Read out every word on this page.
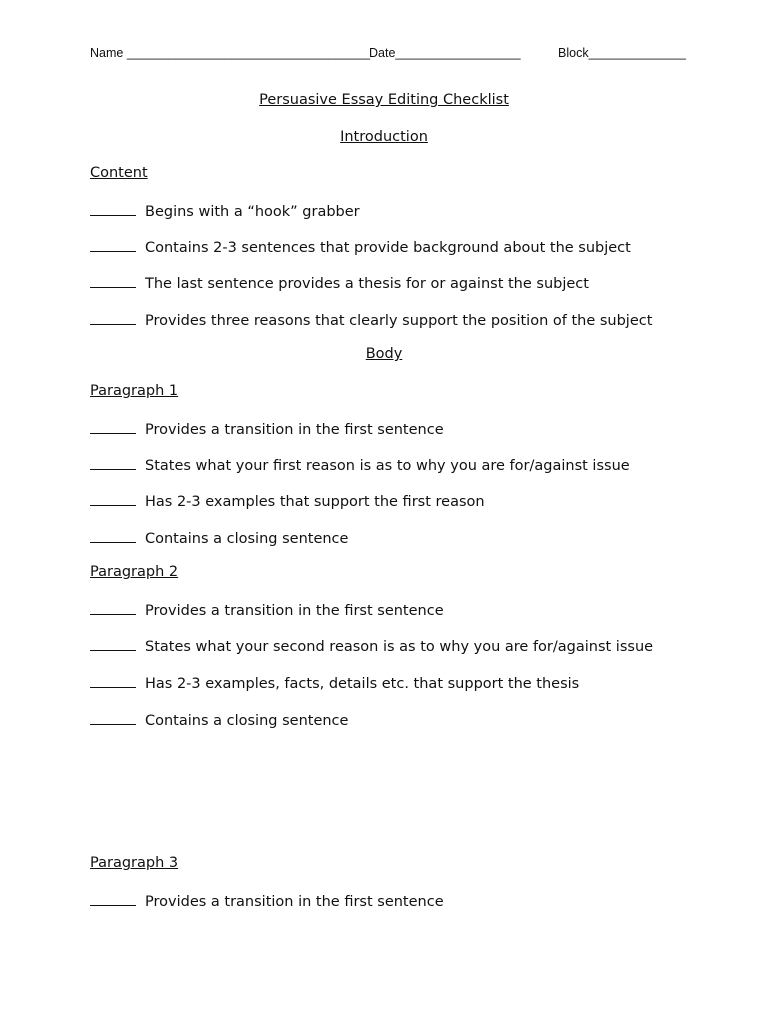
Name ___________________________________
Date__________________	Block______________
Persuasive Essay Editing Checklist
Introduction
Content
Begins with a “hook” grabber
Contains 2-3 sentences that provide background about the subject
The last sentence provides a thesis for or against the subject
Provides three reasons that clearly support the position of the subject
Body
Paragraph 1
Provides a transition in the first sentence
States what your first reason is as to why you are for/against issue
Has 2-3 examples that support the first reason
Contains a closing sentence
Paragraph 2
Provides a transition in the first sentence
States what your second reason is as to why you are for/against issue
Has 2-3 examples, facts, details etc. that support the thesis
Contains a closing sentence
Paragraph 3
Provides a transition in the first sentence
